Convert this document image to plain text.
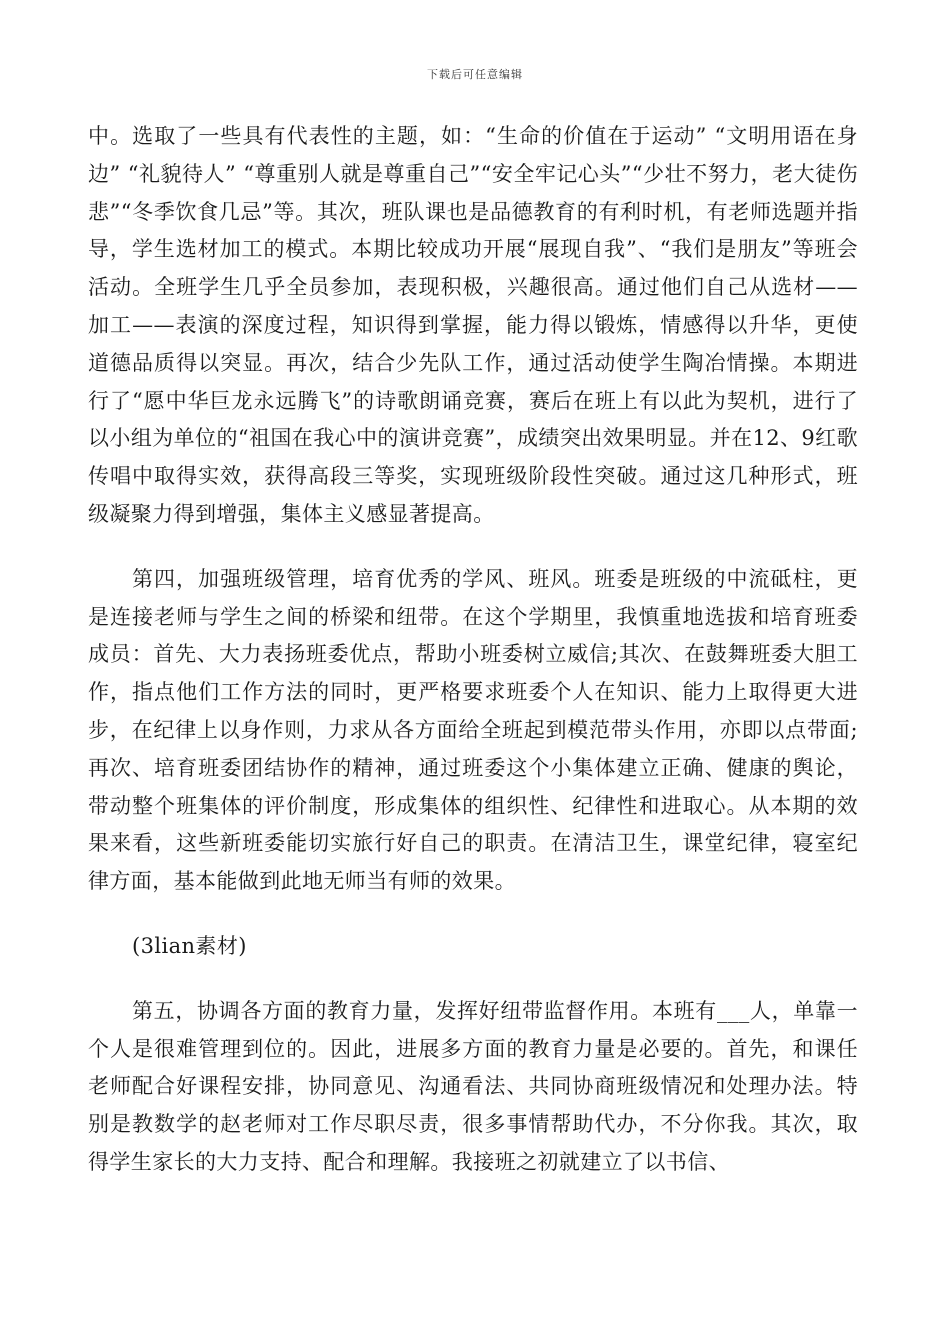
下载后可任意编辑

中。选取了一些具有代表性的主题，如：“生命的价值在于运动” “文明用语在身边” “礼貌待人” “尊重别人就是尊重自己”“安全牢记心头”“少壮不努力，老大徒伤悲”“冬季饮食几忌”等。其次，班队课也是品德教育的有利时机，有老师选题并指导，学生选材加工的模式。本期比较成功开展“展现自我”、“我们是朋友”等班会活动。全班学生几乎全员参加，表现积极，兴趣很高。通过他们自己从选材——加工——表演的深度过程，知识得到掌握，能力得以锻炼，情感得以升华，更使道德品质得以突显。再次，结合少先队工作，通过活动使学生陶冶情操。本期进行了“愿中华巨龙永远腾飞”的诗歌朗诵竞赛，赛后在班上有以此为契机，进行了以小组为单位的“祖国在我心中的演讲竞赛”，成绩突出效果明显。并在12、9红歌传唱中取得实效，获得高段三等奖，实现班级阶段性突破。通过这几种形式，班级凝聚力得到增强，集体主义感显著提高。

第四，加强班级管理，培育优秀的学风、班风。班委是班级的中流砥柱，更是连接老师与学生之间的桥梁和纽带。在这个学期里，我慎重地选拔和培育班委成员：首先、大力表扬班委优点，帮助小班委树立威信;其次、在鼓舞班委大胆工作，指点他们工作方法的同时，更严格要求班委个人在知识、能力上取得更大进步，在纪律上以身作则，力求从各方面给全班起到模范带头作用，亦即以点带面;再次、培育班委团结协作的精神，通过班委这个小集体建立正确、健康的舆论，带动整个班集体的评价制度，形成集体的组织性、纪律性和进取心。从本期的效果来看，这些新班委能切实旅行好自己的职责。在清洁卫生，课堂纪律，寝室纪律方面，基本能做到此地无师当有师的效果。

(3lian素材)

第五，协调各方面的教育力量，发挥好纽带监督作用。本班有___人，单靠一个人是很难管理到位的。因此，进展多方面的教育力量是必要的。首先，和课任老师配合好课程安排，协同意见、沟通看法、共同协商班级情况和处理办法。特别是教数学的赵老师对工作尽职尽责，很多事情帮助代办，不分你我。其次，取得学生家长的大力支持、配合和理解。我接班之初就建立了以书信、
